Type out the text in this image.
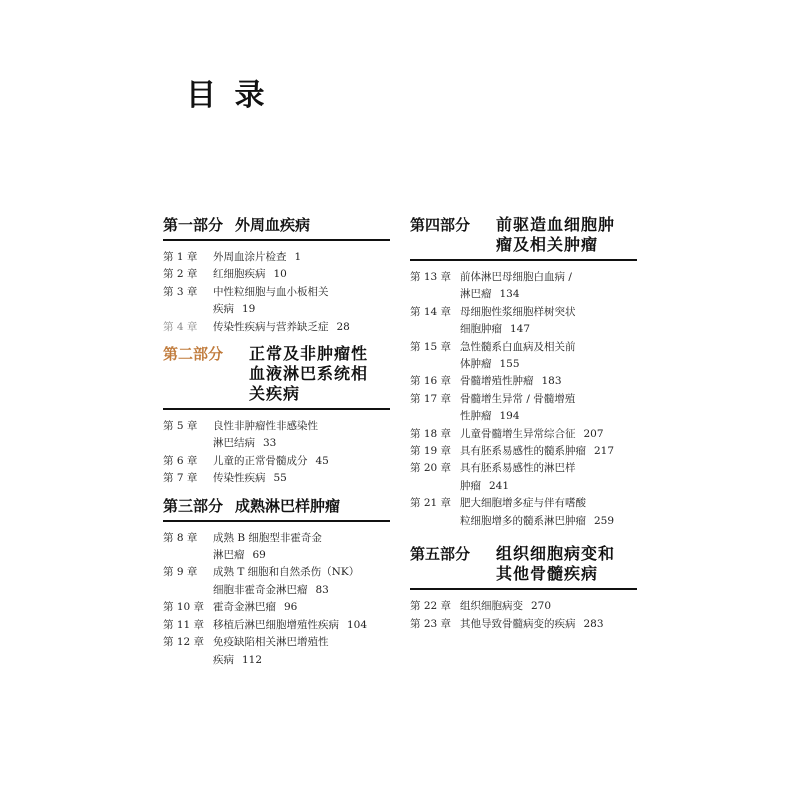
目 录
第一部分 外周血疾病
第 1 章	外周血涂片检查 1
第 2 章	红细胞疾病 10
第 3 章	中性粒细胞与血小板相关
疾病 19
第 4 章	传染性疾病与营养缺乏症 28
第二部分 正常及非肿瘤性
血液淋巴系统相
关疾病
第 5 章	良性非肿瘤性非感染性
淋巴结病 33
第 6 章	儿童的正常骨髓成分 45
第 7 章	传染性疾病 55
第三部分 成熟淋巴样肿瘤
第 8 章	成熟 B 细胞型非霍奇金
淋巴瘤 69
第 9 章	成熟 T 细胞和自然杀伤（NK）
细胞非霍奇金淋巴瘤 83
第 10 章 霍奇金淋巴瘤 96
第 11 章 移植后淋巴细胞增殖性疾病 104
第 12 章 免疫缺陷相关淋巴增殖性
疾病 112
第四部分 前驱造血细胞肿
瘤及相关肿瘤
第 13 章 前体淋巴母细胞白血病 /
淋巴瘤 134
第 14 章 母细胞性浆细胞样树突状
细胞肿瘤 147
第 15 章 急性髓系白血病及相关前
体肿瘤 155
第 16 章 骨髓增殖性肿瘤 183
第 17 章 骨髓增生异常 / 骨髓增殖
性肿瘤 194
第 18 章 儿童骨髓增生异常综合征 207
第 19 章 具有胚系易感性的髓系肿瘤 217
第 20 章 具有胚系易感性的淋巴样
肿瘤 241
第 21 章 肥大细胞增多症与伴有嗜酸
粒细胞增多的髓系淋巴肿瘤 259
第五部分 组织细胞病变和
其他骨髓疾病
第 22 章 组织细胞病变 270
第 23 章 其他导致骨髓病变的疾病 283
